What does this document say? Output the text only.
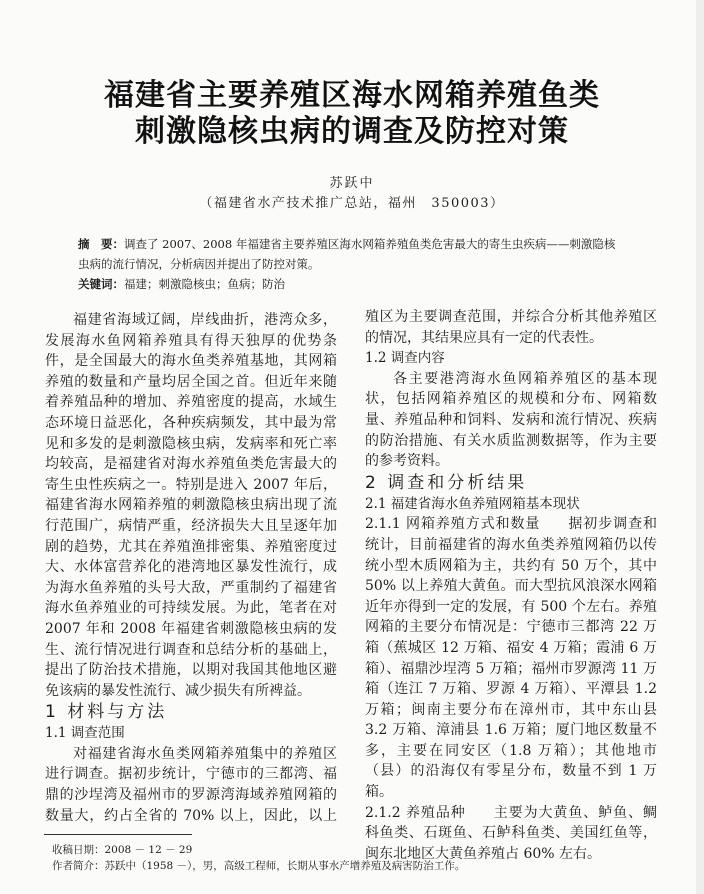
福建省主要养殖区海水网箱养殖鱼类
刺激隐核虫病的调查及防控对策
苏跃中
（福建省水产技术推广总站，福州　350003）
摘　要：调查了 2007、2008 年福建省主要养殖区海水网箱养殖鱼类危害最大的寄生虫疾病——刺激隐核
虫病的流行情况，分析病因并提出了防控对策。
关键词：福建；刺激隐核虫；鱼病；防治

福建省海域辽阔，岸线曲折，港湾众多，发展海水鱼网箱养殖具有得天独厚的优势条件，是全国最大的海水鱼类养殖基地，其网箱养殖的数量和产量均居全国之首。但近年来随着养殖品种的增加、养殖密度的提高，水域生态环境日益恶化，各种疾病频发，其中最为常见和多发的是刺激隐核虫病，发病率和死亡率均较高，是福建省对海水养殖鱼类危害最大的寄生虫性疾病之一。特别是进入 2007 年后，福建省海水网箱养殖的刺激隐核虫病出现了流行范围广，病情严重，经济损失大且呈逐年加剧的趋势，尤其在养殖渔排密集、养殖密度过大、水体富营养化的港湾地区暴发性流行，成为海水鱼养殖的头号大敌，严重制约了福建省海水鱼养殖业的可持续发展。为此，笔者在对 2007 年和 2008 年福建省刺激隐核虫病的发生、流行情况进行调查和总结分析的基础上，提出了防治技术措施，以期对我国其他地区避免该病的暴发性流行、减少损失有所裨益。

1 材料与方法

1.1 调查范围

对福建省海水鱼类网箱养殖集中的养殖区进行调查。据初步统计，宁德市的三都湾、福鼎的沙埕湾及福州市的罗源湾海域养殖网箱的数量大，约占全省的 70% 以上，因此，以上

殖区为主要调查范围，并综合分析其他养殖区的情况，其结果应具有一定的代表性。

1.2 调查内容

各主要港湾海水鱼网箱养殖区的基本现状，包括网箱养殖区的规模和分布、网箱数量、养殖品种和饲料、发病和流行情况、疾病的防治措施、有关水质监测数据等，作为主要的参考资料。

2 调查和分析结果

2.1 福建省海水鱼养殖网箱基本现状

2.1.1 网箱养殖方式和数量 据初步调查和统计，目前福建省的海水鱼类养殖网箱仍以传统小型木质网箱为主，共约有 50 万个，其中 50% 以上养殖大黄鱼。而大型抗风浪深水网箱近年亦得到一定的发展，有 500 个左右。养殖网箱的主要分布情况是：宁德市三都湾 22 万箱（蕉城区 12 万箱、福安 4 万箱；霞浦 6 万箱）、福鼎沙埕湾 5 万箱；福州市罗源湾 11 万箱（连江 7 万箱、罗源 4 万箱）、平潭县 1.2 万箱；闽南主要分布在漳州市，其中东山县 3.2 万箱、漳浦县 1.6 万箱；厦门地区数量不多，主要在同安区（1.8 万箱）；其他地市（县）的沿海仅有零星分布，数量不到 1 万箱。

2.1.2 养殖品种 主要为大黄鱼、鲈鱼、鲷科鱼类、石斑鱼、石鲈科鱼类、美国红鱼等，闽东北地区大黄鱼养殖占 60% 左右。

收稿日期：2008 － 12 － 29
作者简介：苏跃中（1958 －），男，高级工程师，长期从事水产增养殖及病害防治工作。
